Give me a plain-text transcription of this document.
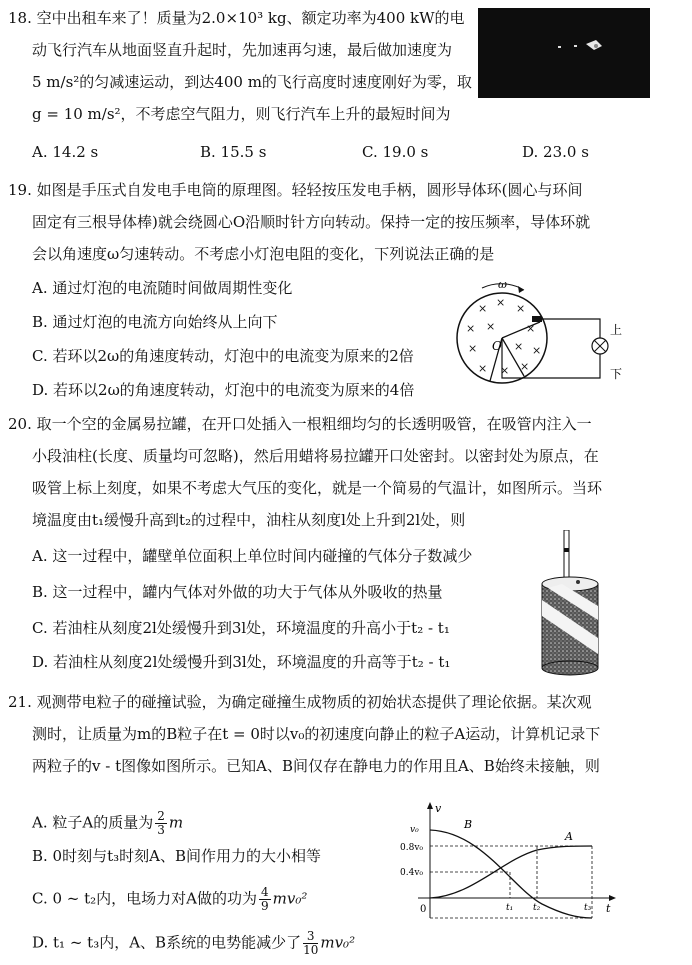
18. 空中出租车来了！质量为2.0×10³ kg、额定功率为400 kW的电
动飞行汽车从地面竖直升起时，先加速再匀速，最后做加速度为
5 m/s²的匀减速运动，到达400 m的飞行高度时速度刚好为零，取
g = 10 m/s²，不考虑空气阻力，则飞行汽车上升的最短时间为
A. 14.2 s	B. 15.5 s	C. 19.0 s	D. 23.0 s
19. 如图是手压式自发电手电筒的原理图。轻轻按压发电手柄，圆形导体环(圆心与环间
固定有三根导体棒)就会绕圆心O沿顺时针方向转动。保持一定的按压频率，导体环就
会以角速度ω匀速转动。不考虑小灯泡电阻的变化，下列说法正确的是
A. 通过灯泡的电流随时间做周期性变化
B. 通过灯泡的电流方向始终从上向下
C. 若环以2ω的角速度转动，灯泡中的电流变为原来的2倍
D. 若环以2ω的角速度转动，灯泡中的电流变为原来的4倍
ω
× × ×
× ×	×
×	× ×
× × ×
O
上
下
20. 取一个空的金属易拉罐，在开口处插入一根粗细均匀的长透明吸管，在吸管内注入一
小段油柱(长度、质量均可忽略)，然后用蜡将易拉罐开口处密封。以密封处为原点，在
吸管上标上刻度，如果不考虑大气压的变化，就是一个简易的气温计，如图所示。当环
境温度由t₁缓慢升高到t₂的过程中，油柱从刻度l处上升到2l处，则
A. 这一过程中，罐壁单位面积上单位时间内碰撞的气体分子数减少
B. 这一过程中，罐内气体对外做的功大于气体从外吸收的热量
C. 若油柱从刻度2l处缓慢升到3l处，环境温度的升高小于t₂ - t₁
D. 若油柱从刻度2l处缓慢升到3l处，环境温度的升高等于t₂ - t₁
21. 观测带电粒子的碰撞试验，为确定碰撞生成物质的初始状态提供了理论依据。某次观
测时，让质量为m的B粒子在t = 0时以v₀的初速度向静止的粒子A运动，计算机记录下
两粒子的v - t图像如图所示。已知A、B间仅存在静电力的作用且A、B始终未接触，则
A. 粒子A的质量为 $\frac{2}{3}$ m
B. 0时刻与t₃时刻A、B间作用力的大小相等
C. 0 ~ t₂内，电场力对A做的功为 $\frac{4}{9} mv_0^2$
D. t₁ ~ t₃内，A、B系统的电势能减少了 $\frac{3}{10} mv_0^2$
v
t
0
v₀
0.8v₀
0.4v₀
B
A
t₁ t₂	t₃
